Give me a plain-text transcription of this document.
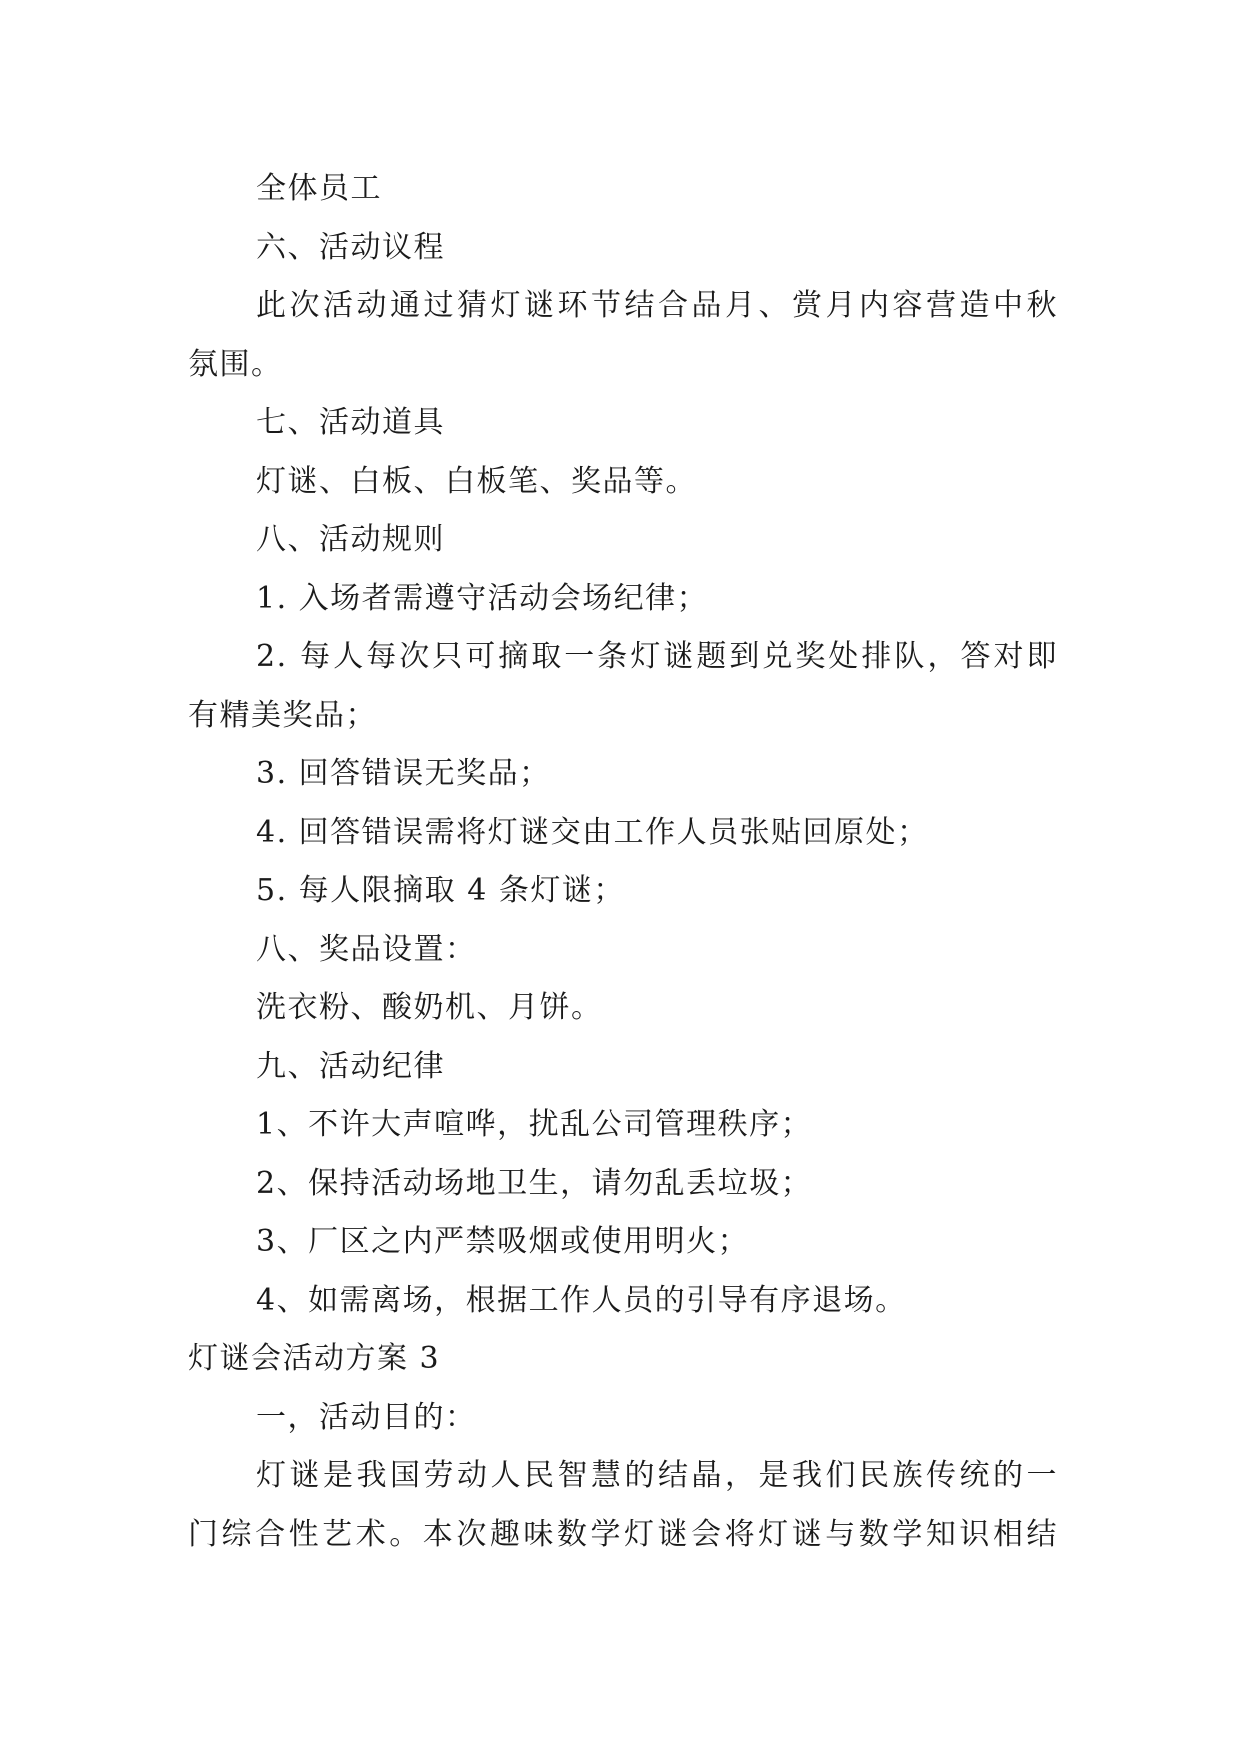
全体员工
六、活动议程
此次活动通过猜灯谜环节结合品月、赏月内容营造中秋
氛围。
七、活动道具
灯谜、白板、白板笔、奖品等。
八、活动规则
1. 入场者需遵守活动会场纪律；
2. 每人每次只可摘取一条灯谜题到兑奖处排队，答对即
有精美奖品；
3. 回答错误无奖品；
4. 回答错误需将灯谜交由工作人员张贴回原处；
5. 每人限摘取 4 条灯谜；
八、奖品设置：
洗衣粉、酸奶机、月饼。
九、活动纪律
1、不许大声喧哗，扰乱公司管理秩序；
2、保持活动场地卫生，请勿乱丢垃圾；
3、厂区之内严禁吸烟或使用明火；
4、如需离场，根据工作人员的引导有序退场。
灯谜会活动方案 3
一，活动目的：
灯谜是我国劳动人民智慧的结晶，是我们民族传统的一
门综合性艺术。本次趣味数学灯谜会将灯谜与数学知识相结
